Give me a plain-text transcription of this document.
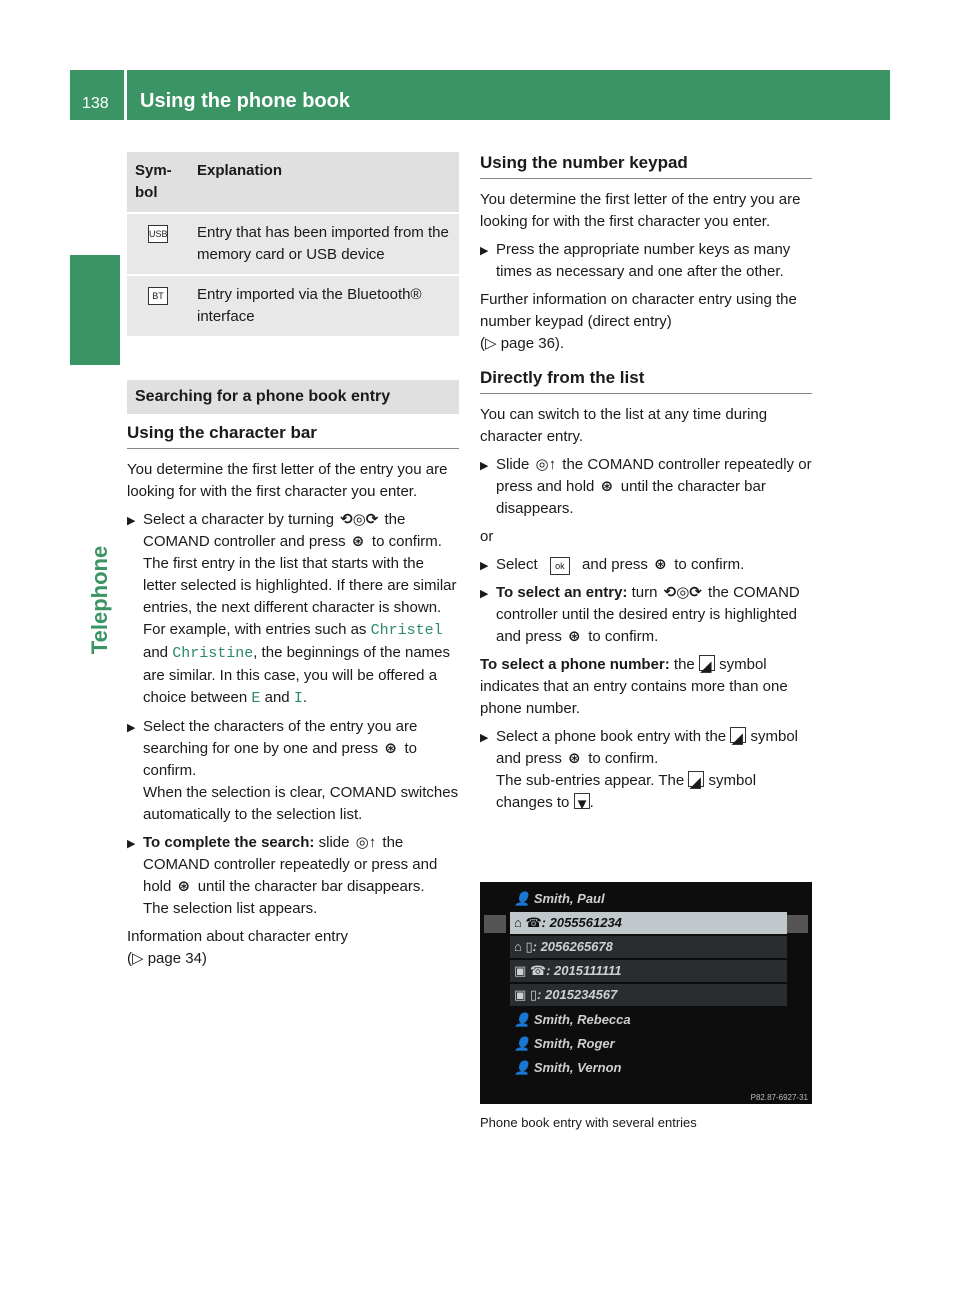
138 Using the phone book
Telephone
Sym-
bol	Explanation
USB	Entry that has been imported from the memory card or USB device
BT	Entry imported via the Bluetooth® interface
Searching for a phone book entry
Using the character bar

You determine the first letter of the entry you are looking for with the first character you enter.

▶ Select a character by turning ⟲◎⟳ the COMAND controller and press ⊛ to confirm.
The first entry in the list that starts with the letter selected is highlighted. If there are similar entries, the next different character is shown. For example, with entries such as Christel and Christine, the beginnings of the names are similar. In this case, you will be offered a choice between E and I.
▶ Select the characters of the entry you are searching for one by one and press ⊛ to confirm.
When the selection is clear, COMAND switches automatically to the selection list.
▶ To complete the search: slide ◎↑ the COMAND controller repeatedly or press and hold ⊛ until the character bar disappears.
The selection list appears.

Information about character entry

(▷ page 34)

Using the number keypad

You determine the first letter of the entry you are looking for with the first character you enter.

▶ Press the appropriate number keys as many times as necessary and one after the other.

Further information on character entry using the number keypad (direct entry)

(▷ page 36).

Directly from the list

You can switch to the list at any time during character entry.

▶ Slide ◎↑ the COMAND controller repeatedly or press and hold ⊛ until the character bar disappears.

or

▶ Select ok and press ⊛ to confirm.
▶ To select an entry: turn ⟲◎⟳ the COMAND controller until the desired entry is highlighted and press ⊛ to confirm.

To select a phone number: the ◢ symbol indicates that an entry contains more than one phone number.

▶ Select a phone book entry with the ◢ symbol and press ⊛ to confirm.
The sub-entries appear. The ◢ symbol changes to ▼.
👤 Smith, Paul
⌂ ☎: 2055561234
⌂ ▯: 2056265678
▣ ☎: 2015111111
▣ ▯: 2015234567
👤 Smith, Rebecca
👤 Smith, Roger
👤 Smith, Vernon
P82.87-6927-31
Phone book entry with several entries
